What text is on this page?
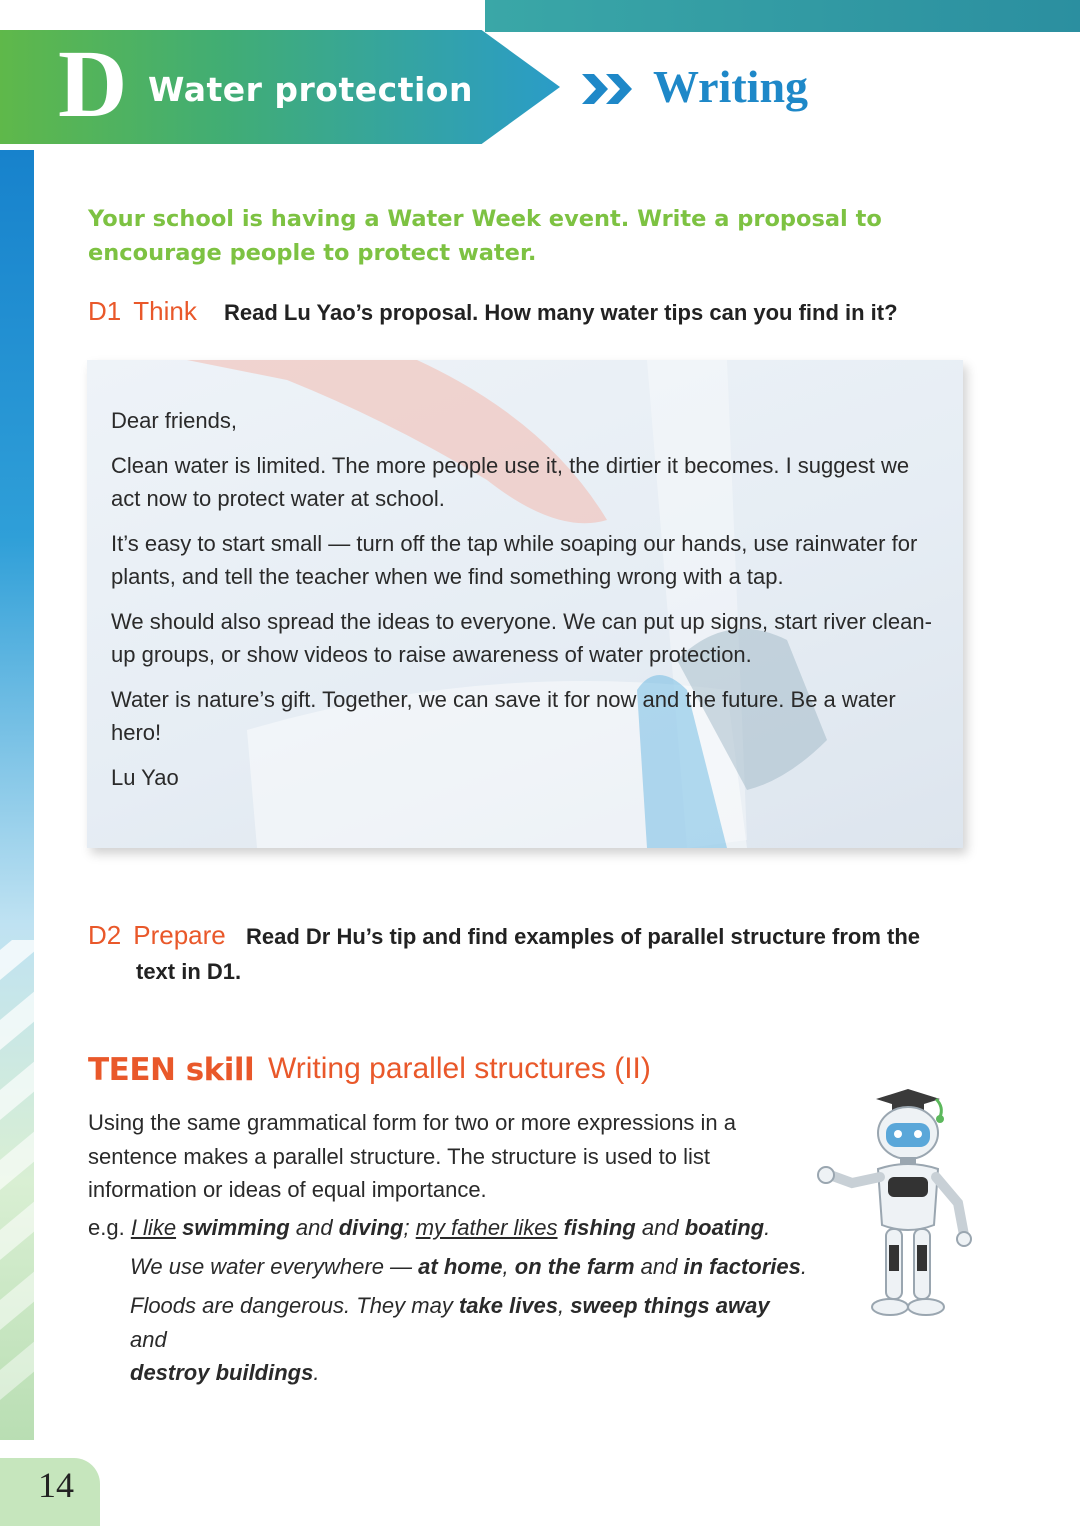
D Water protection	Writing
14
Your school is having a Water Week event. Write a proposal to encourage people to protect water.
D1 Think Read Lu Yao’s proposal. How many water tips can you find in it?

Dear friends,

Clean water is limited. The more people use it, the dirtier it becomes. I suggest we act now to protect water at school.

It’s easy to start small — turn off the tap while soaping our hands, use rainwater for plants, and tell the teacher when we find something wrong with a tap.

We should also spread the ideas to everyone. We can put up signs, start river clean-up groups, or show videos to raise awareness of water protection.

Water is nature’s gift. Together, we can save it for now and the future. Be a water hero!

Lu Yao

D2 Prepare Read Dr Hu’s tip and find examples of parallel structure from the
text in D1.
TEEN skill Writing parallel structures (II)
Using the same grammatical form for two or more expressions in a sentence makes a parallel structure. The structure is used to list information or ideas of equal importance.
e.g. I like swimming and diving; my father likes fishing and boating.
We use water everywhere — at home, on the farm and in factories.
Floods are dangerous. They may take lives, sweep things away and
destroy buildings.
